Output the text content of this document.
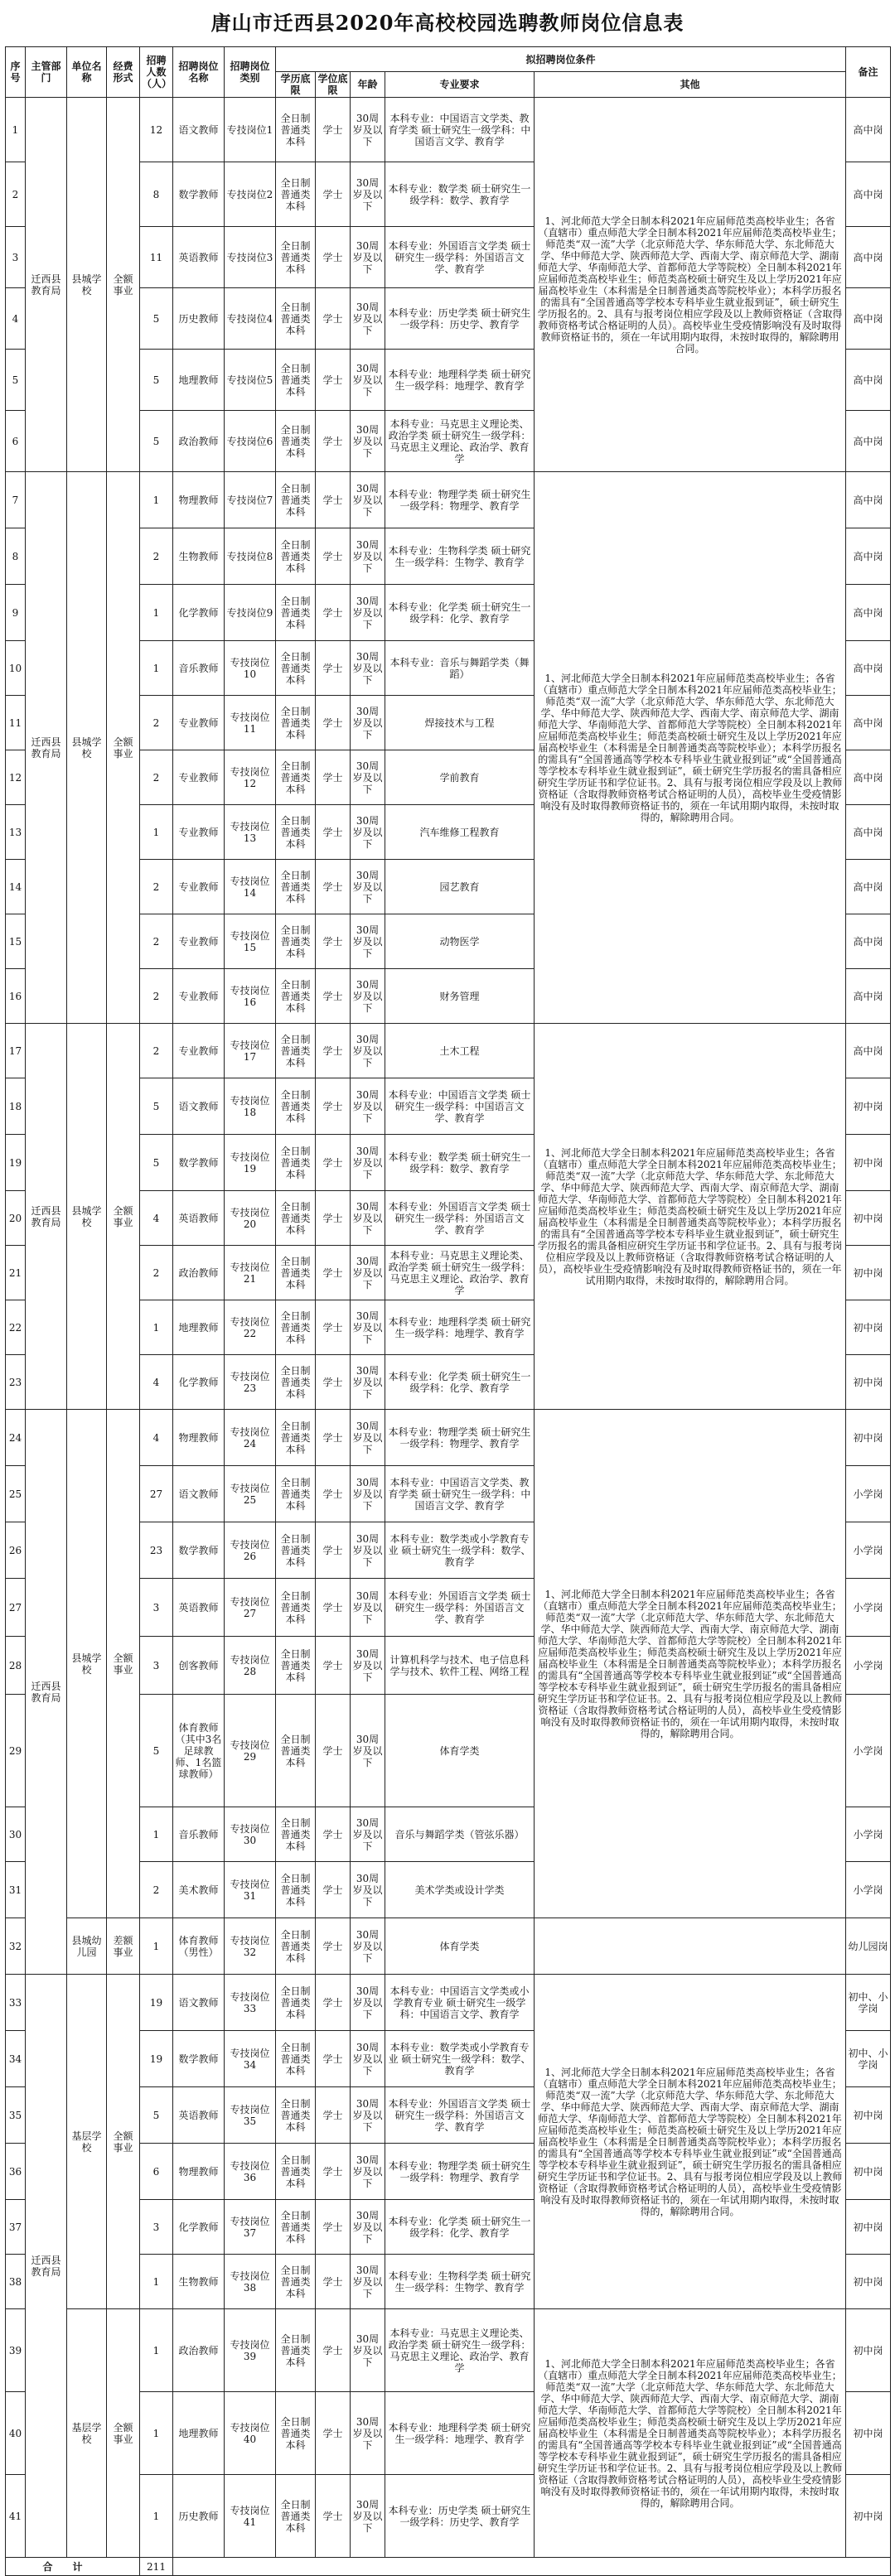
唐山市迁西县2020年高校校园选聘教师岗位信息表
序号	主管部门	单位名称	经费形式	招聘人数（人）	招聘岗位名称	招聘岗位类别	拟招聘岗位条件					备注
							学历底限	学位底限	年龄	专业要求	其他	
1	迁西县教育局	县城学校	全额事业	12	语文教师	专技岗位1	全日制普通类本科	学士	30周岁及以下	本科专业：中国语言文学类、教育学类 硕士研究生一级学科：中国语言文学、教育学	1、河北师范大学全日制本科2021年应届师范类高校毕业生；各省（直辖市）重点师范大学全日制本科2021年应届师范类高校毕业生；师范类“双一流”大学（北京师范大学、华东师范大学、东北师范大学、华中师范大学、陕西师范大学、西南大学、南京师范大学、湖南师范大学、华南师范大学、首都师范大学等院校）全日制本科2021年应届师范类高校毕业生；师范类高校硕士研究生及以上学历2021年应届高校毕业生（本科需是全日制普通类高等院校毕业）；本科学历报名的需具有“全国普通高等学校本专科毕业生就业报到证”，硕士研究生学历报名的。2、具有与报考岗位相应学段及以上教师资格证（含取得教师资格考试合格证明的人员）。高校毕业生受疫情影响没有及时取得教师资格证书的，须在一年试用期内取得，未按时取得的，解除聘用合同。	高中岗
2				8	数学教师	专技岗位2	全日制普通类本科	学士	30周岁及以下	本科专业：数学类 硕士研究生一级学科：数学、教育学		高中岗
3				11	英语教师	专技岗位3	全日制普通类本科	学士	30周岁及以下	本科专业：外国语言文学类 硕士研究生一级学科：外国语言文学、教育学		高中岗
4				5	历史教师	专技岗位4	全日制普通类本科	学士	30周岁及以下	本科专业：历史学类 硕士研究生一级学科：历史学、教育学		高中岗
5				5	地理教师	专技岗位5	全日制普通类本科	学士	30周岁及以下	本科专业：地理科学类 硕士研究生一级学科：地理学、教育学		高中岗
6				5	政治教师	专技岗位6	全日制普通类本科	学士	30周岁及以下	本科专业：马克思主义理论类、政治学类 硕士研究生一级学科：马克思主义理论、政治学、教育学		高中岗
7	迁西县教育局	县城学校	全额事业	1	物理教师	专技岗位7	全日制普通类本科	学士	30周岁及以下	本科专业：物理学类 硕士研究生一级学科：物理学、教育学	1、河北师范大学全日制本科2021年应届师范类高校毕业生；各省（直辖市）重点师范大学全日制本科2021年应届师范类高校毕业生；师范类“双一流”大学（北京师范大学、华东师范大学、东北师范大学、华中师范大学、陕西师范大学、西南大学、南京师范大学、湖南师范大学、华南师范大学、首都师范大学等院校）全日制本科2021年应届师范类高校毕业生；师范类高校硕士研究生及以上学历2021年应届高校毕业生（本科需是全日制普通类高等院校毕业）；本科学历报名的需具有“全国普通高等学校本专科毕业生就业报到证”或“全国普通高等学校本专科毕业生就业报到证”，硕士研究生学历报名的需具备相应研究生学历证书和学位证书。2、具有与报考岗位相应学段及以上教师资格证（含取得教师资格考试合格证明的人员），高校毕业生受疫情影响没有及时取得教师资格证书的，须在一年试用期内取得，未按时取得的，解除聘用合同。	高中岗
8				2	生物教师	专技岗位8	全日制普通类本科	学士	30周岁及以下	本科专业：生物科学类 硕士研究生一级学科：生物学、教育学		高中岗
9				1	化学教师	专技岗位9	全日制普通类本科	学士	30周岁及以下	本科专业：化学类 硕士研究生一级学科：化学、教育学		高中岗
10				1	音乐教师	专技岗位10	全日制普通类本科	学士	30周岁及以下	本科专业：音乐与舞蹈学类（舞蹈）		高中岗
11				2	专业教师	专技岗位11	全日制普通类本科	学士	30周岁及以下	焊接技术与工程		高中岗
12				2	专业教师	专技岗位12	全日制普通类本科	学士	30周岁及以下	学前教育		高中岗
13				1	专业教师	专技岗位13	全日制普通类本科	学士	30周岁及以下	汽车维修工程教育		高中岗
14				2	专业教师	专技岗位14	全日制普通类本科	学士	30周岁及以下	园艺教育		高中岗
15				2	专业教师	专技岗位15	全日制普通类本科	学士	30周岁及以下	动物医学		高中岗
16				2	专业教师	专技岗位16	全日制普通类本科	学士	30周岁及以下	财务管理		高中岗
17	迁西县教育局	县城学校	全额事业	2	专业教师	专技岗位17	全日制普通类本科	学士	30周岁及以下	土木工程	1、河北师范大学全日制本科2021年应届师范类高校毕业生；各省（直辖市）重点师范大学全日制本科2021年应届师范类高校毕业生；师范类“双一流”大学（北京师范大学、华东师范大学、东北师范大学、华中师范大学、陕西师范大学、西南大学、南京师范大学、湖南师范大学、华南师范大学、首都师范大学等院校）全日制本科2021年应届师范类高校毕业生；师范类高校硕士研究生及以上学历2021年应届高校毕业生（本科需是全日制普通类高等院校毕业）；本科学历报名的需具有“全国普通高等学校本专科毕业生就业报到证”，硕士研究生学历报名的需具备相应研究生学历证书和学位证书。2、具有与报考岗位相应学段及以上教师资格证（含取得教师资格考试合格证明的人员），高校毕业生受疫情影响没有及时取得教师资格证书的，须在一年试用期内取得，未按时取得的，解除聘用合同。	高中岗
18				5	语文教师	专技岗位18	全日制普通类本科	学士	30周岁及以下	本科专业：中国语言文学类 硕士研究生一级学科：中国语言文学、教育学		初中岗
19				5	数学教师	专技岗位19	全日制普通类本科	学士	30周岁及以下	本科专业：数学类 硕士研究生一级学科：数学、教育学		初中岗
20				4	英语教师	专技岗位20	全日制普通类本科	学士	30周岁及以下	本科专业：外国语言文学类 硕士研究生一级学科：外国语言文学、教育学		初中岗
21				2	政治教师	专技岗位21	全日制普通类本科	学士	30周岁及以下	本科专业：马克思主义理论类、政治学类 硕士研究生一级学科：马克思主义理论、政治学、教育学		初中岗
22				1	地理教师	专技岗位22	全日制普通类本科	学士	30周岁及以下	本科专业：地理科学类 硕士研究生一级学科：地理学、教育学		初中岗
23				4	化学教师	专技岗位23	全日制普通类本科	学士	30周岁及以下	本科专业：化学类 硕士研究生一级学科：化学、教育学		初中岗
24	迁西县教育局	县城学校	全额事业	4	物理教师	专技岗位24	全日制普通类本科	学士	30周岁及以下	本科专业：物理学类 硕士研究生一级学科：物理学、教育学	1、河北师范大学全日制本科2021年应届师范类高校毕业生；各省（直辖市）重点师范大学全日制本科2021年应届师范类高校毕业生；师范类“双一流”大学（北京师范大学、华东师范大学、东北师范大学、华中师范大学、陕西师范大学、西南大学、南京师范大学、湖南师范大学、华南师范大学、首都师范大学等院校）全日制本科2021年应届师范类高校毕业生；师范类高校硕士研究生及以上学历2021年应届高校毕业生（本科需是全日制普通类高等院校毕业）；本科学历报名的需具有“全国普通高等学校本专科毕业生就业报到证”或“全国普通高等学校本专科毕业生就业报到证”，硕士研究生学历报名的需具备相应研究生学历证书和学位证书。2、具有与报考岗位相应学段及以上教师资格证（含取得教师资格考试合格证明的人员），高校毕业生受疫情影响没有及时取得教师资格证书的，须在一年试用期内取得，未按时取得的，解除聘用合同。	初中岗
25				27	语文教师	专技岗位25	全日制普通类本科	学士	30周岁及以下	本科专业：中国语言文学类、教育学类 硕士研究生一级学科：中国语言文学、教育学		小学岗
26				23	数学教师	专技岗位26	全日制普通类本科	学士	30周岁及以下	本科专业：数学类或小学教育专业 硕士研究生一级学科：数学、教育学		小学岗
27				3	英语教师	专技岗位27	全日制普通类本科	学士	30周岁及以下	本科专业：外国语言文学类 硕士研究生一级学科：外国语言文学、教育学		小学岗
28				3	创客教师	专技岗位28	全日制普通类本科	学士	30周岁及以下	计算机科学与技术、电子信息科学与技术、软件工程、网络工程		小学岗
29				5	体育教师（其中3名足球教师、1名篮球教师）	专技岗位29	全日制普通类本科	学士	30周岁及以下	体育学类		小学岗
30				1	音乐教师	专技岗位30	全日制普通类本科	学士	30周岁及以下	音乐与舞蹈学类（管弦乐器）		小学岗
31				2	美术教师	专技岗位31	全日制普通类本科	学士	30周岁及以下	美术学类或设计学类		小学岗
32		县城幼儿园	差额事业	1	体育教师（男性）	专技岗位32	全日制普通类本科	学士	30周岁及以下	体育学类		幼儿园岗
33	迁西县教育局	基层学校	全额事业	19	语文教师	专技岗位33	全日制普通类本科	学士	30周岁及以下	本科专业：中国语言文学类或小学教育专业 硕士研究生一级学科：中国语言文学、教育学	1、河北师范大学全日制本科2021年应届师范类高校毕业生；各省（直辖市）重点师范大学全日制本科2021年应届师范类高校毕业生；师范类“双一流”大学（北京师范大学、华东师范大学、东北师范大学、华中师范大学、陕西师范大学、西南大学、南京师范大学、湖南师范大学、华南师范大学、首都师范大学等院校）全日制本科2021年应届师范类高校毕业生；师范类高校硕士研究生及以上学历2021年应届高校毕业生（本科需是全日制普通类高等院校毕业）；本科学历报名的需具有“全国普通高等学校本专科毕业生就业报到证”或“全国普通高等学校本专科毕业生就业报到证”，硕士研究生学历报名的需具备相应研究生学历证书和学位证书。2、具有与报考岗位相应学段及以上教师资格证（含取得教师资格考试合格证明的人员），高校毕业生受疫情影响没有及时取得教师资格证书的，须在一年试用期内取得，未按时取得的，解除聘用合同。	初中、小学岗
34				19	数学教师	专技岗位34	全日制普通类本科	学士	30周岁及以下	本科专业：数学类或小学教育专业 硕士研究生一级学科：数学、教育学		初中、小学岗
35				5	英语教师	专技岗位35	全日制普通类本科	学士	30周岁及以下	本科专业：外国语言文学类 硕士研究生一级学科：外国语言文学、教育学		初中岗
36				6	物理教师	专技岗位36	全日制普通类本科	学士	30周岁及以下	本科专业：物理学类 硕士研究生一级学科：物理学、教育学		初中岗
37				3	化学教师	专技岗位37	全日制普通类本科	学士	30周岁及以下	本科专业：化学类 硕士研究生一级学科：化学、教育学		初中岗
38				1	生物教师	专技岗位38	全日制普通类本科	学士	30周岁及以下	本科专业：生物科学类 硕士研究生一级学科：生物学、教育学		初中岗
39		基层学校	全额事业	1	政治教师	专技岗位39	全日制普通类本科	学士	30周岁及以下	本科专业：马克思主义理论类、政治学类 硕士研究生一级学科：马克思主义理论、政治学、教育学	1、河北师范大学全日制本科2021年应届师范类高校毕业生；各省（直辖市）重点师范大学全日制本科2021年应届师范类高校毕业生；师范类“双一流”大学（北京师范大学、华东师范大学、东北师范大学、华中师范大学、陕西师范大学、西南大学、南京师范大学、湖南师范大学、华南师范大学、首都师范大学等院校）全日制本科2021年应届师范类高校毕业生；师范类高校硕士研究生及以上学历2021年应届高校毕业生（本科需是全日制普通类高等院校毕业）；本科学历报名的需具有“全国普通高等学校本专科毕业生就业报到证”或“全国普通高等学校本专科毕业生就业报到证”，硕士研究生学历报名的需具备相应研究生学历证书和学位证书。2、具有与报考岗位相应学段及以上教师资格证（含取得教师资格考试合格证明的人员），高校毕业生受疫情影响没有及时取得教师资格证书的，须在一年试用期内取得，未按时取得的，解除聘用合同。	初中岗
40				1	地理教师	专技岗位40	全日制普通类本科	学士	30周岁及以下	本科专业：地理科学类 硕士研究生一级学科：地理学、教育学		初中岗
41				1	历史教师	专技岗位41	全日制普通类本科	学士	30周岁及以下	本科专业：历史学类 硕士研究生一级学科：历史学、教育学		初中岗
合计				211								
